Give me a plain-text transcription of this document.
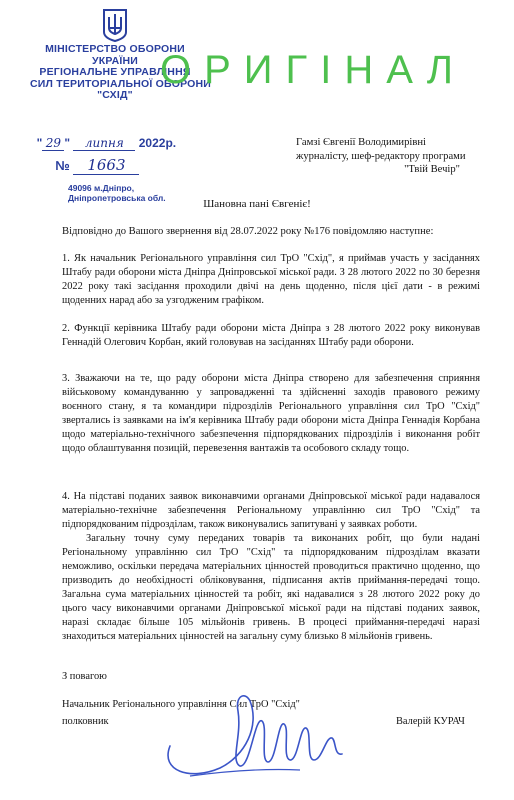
МІНІСТЕРСТВО ОБОРОНИ
УКРАЇНИ
РЕГІОНАЛЬНЕ УПРАВЛІННЯ
СИЛ ТЕРИТОРІАЛЬНОЇ ОБОРОНИ
"СХІД"
" 29 " липня 2022р.
№ 1663
49096 м.Дніпро,
Дніпропетровська обл.
ОРИГІНАЛ
Гамзі Євгенії Володимирівні
журналісту, шеф-редактору програми
"Твій Вечір"
Шановна пані Євгеніє!
Відповідно до Вашого звернення від 28.07.2022 року №176 повідомляю наступне:
1. Як начальник Регіонального управління сил ТрО "Схід", я приймав участь у засіданнях Штабу ради оборони міста Дніпра Дніпровської міської ради. З 28 лютого 2022 по 30 березня 2022 року такі засідання проходили двічі на день щоденно, після цієї дати - в режимі щоденних нарад або за узгодженим графіком.
2. Функції керівника Штабу ради оборони міста Дніпра з 28 лютого 2022 року виконував Геннадій Олегович Корбан, який головував на засіданнях Штабу ради оборони.
3. Зважаючи на те, що раду оборони міста Дніпра створено для забезпечення сприяння військовому командуванню у запровадженні та здійсненні заходів правового режиму воєнного стану, я та командири підрозділів Регіонального управління сил ТрО "Схід" звертались із заявками на ім'я керівника Штабу ради оборони міста Дніпра Геннадія Корбана щодо матеріально-технічного забезпечення підпорядкованих підрозділів і виконання робіт щодо облаштування позицій, перевезення вантажів та особового складу тощо.
4. На підставі поданих заявок виконавчими органами Дніпровської міської ради надавалося матеріально-технічне забезпечення Регіональному управлінню сил ТрО "Схід" та підпорядкованим підрозділам, також виконувались запитувані у заявках роботи.
Загальну точну суму переданих товарів та виконаних робіт, що були надані Регіональному управлінню сил ТрО "Схід" та підпорядкованим підрозділам вказати неможливо, оскільки передача матеріальних цінностей проводиться практично щоденно, що призводить до необхідності обліковування, підписання актів приймання-передачі тощо. Загальна сума матеріальних цінностей та робіт, які надавалися з 28 лютого 2022 року до цього часу виконавчими органами Дніпровської міської ради на підставі поданих заявок, наразі складає більше 105 мільйонів гривень. В процесі приймання-передачі наразі знаходиться матеріальних цінностей на загальну суму близько 8 мільйонів гривень.
З повагою
Начальник Регіонального управління Сил ТрО "Схід"
полковник	Валерій КУРАЧ
